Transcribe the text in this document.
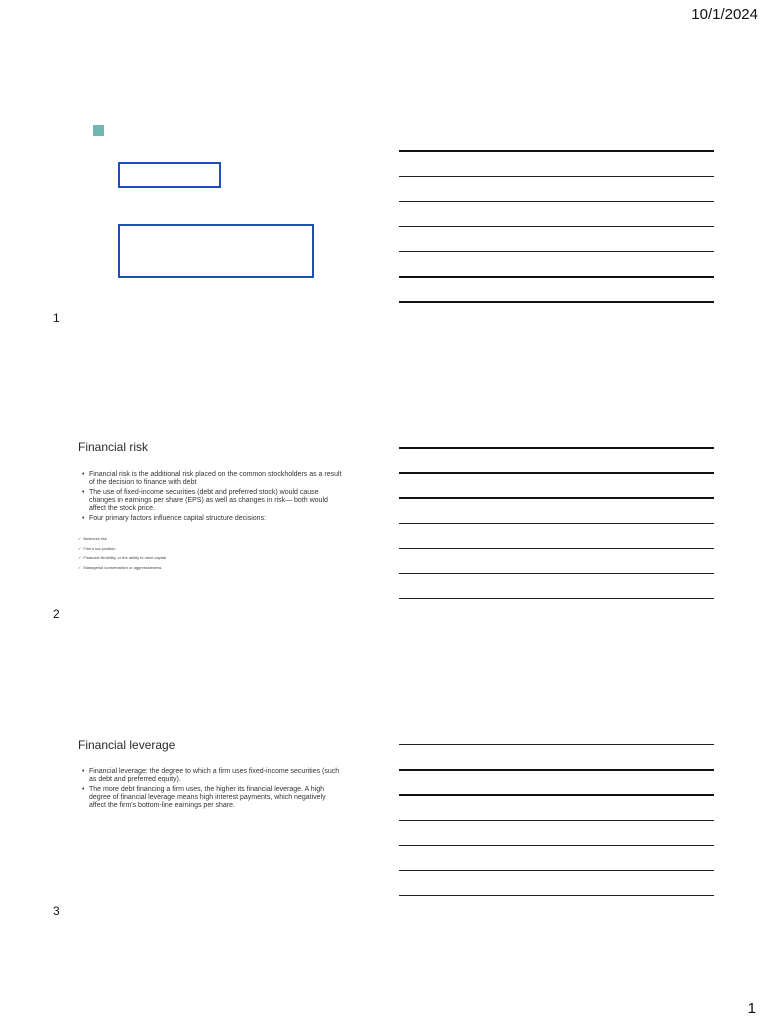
10/1/2024
1
Financial risk
• Financial risk is the additional risk placed on the common stockholders as a result of the decision to finance with debt
• The use of fixed-income securities (debt and preferred stock) would cause changes in earnings per share (EPS) as well as changes in risk— both would affect the stock price.
• Four primary factors influence capital structure decisions:
✓ Business risk
✓ Firm's tax position
✓ Financial flexibility, or the ability to raise capital
✓ Managerial conservatism or aggressiveness
2
Financial leverage
• Financial leverage: the degree to which a firm uses fixed-income securities (such as debt and preferred equity).
• The more debt financing a firm uses, the higher its financial leverage. A high degree of financial leverage means high interest payments, which negatively affect the firm's bottom-line earnings per share.
3
1
